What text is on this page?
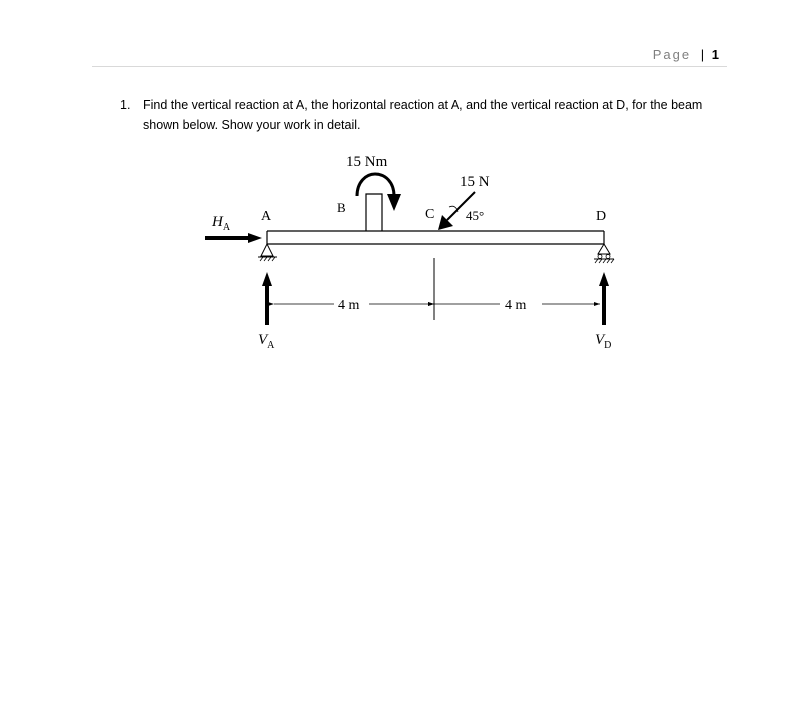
Page | 1
1.	Find the vertical reaction at A, the horizontal reaction at A, and the vertical reaction at D, for the beam shown below. Show your work in detail.
15 Nm
15 N
45°
A
B	C	D
$H_A$
$V_A$	$V_D$
4 m	4 m
